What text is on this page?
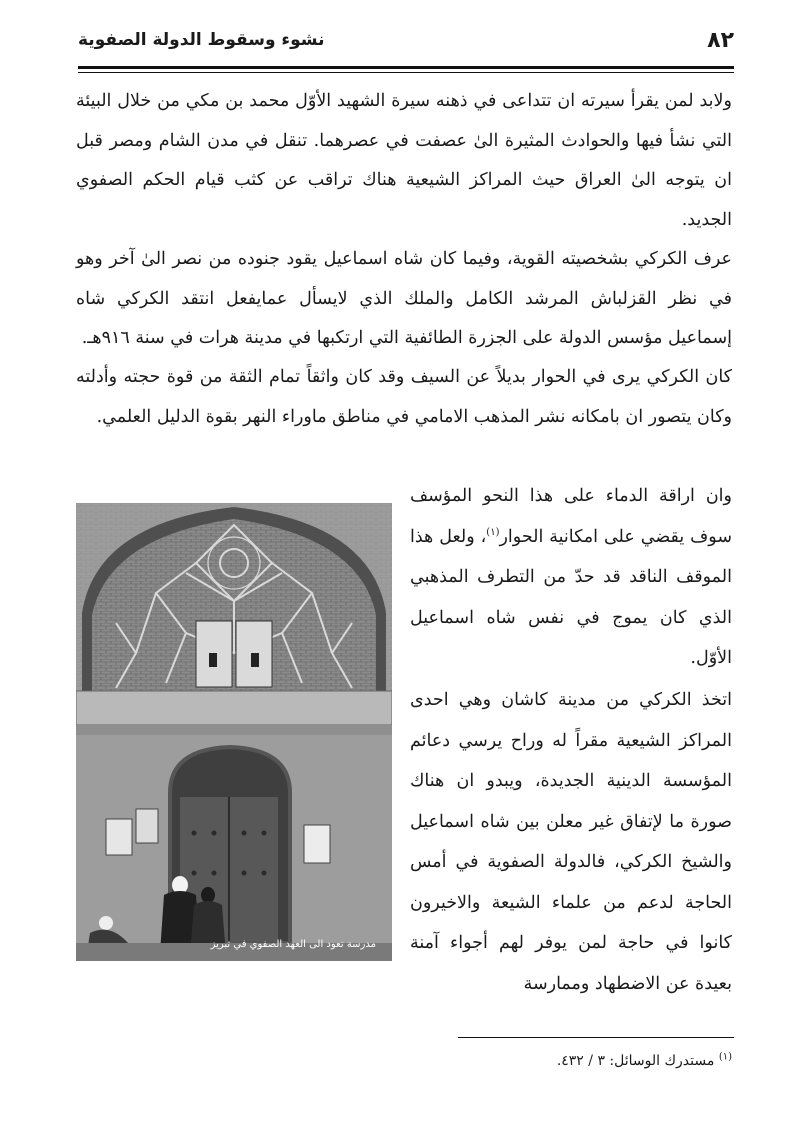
٨٢
نشوء وسقوط الدولة الصفوية

ولابد لمن يقرأ سيرته ان تتداعى في ذهنه سيرة الشهيد الأوّل محمد بن مكي من خلال البيئة التي نشأ فيها والحوادث المثيرة الىٰ عصفت في عصرهما. تنقل في مدن الشام ومصر قبل ان يتوجه الىٰ العراق حيث المراكز الشيعية هناك تراقب عن كثب قيام الحكم الصفوي الجديد.

عرف الكركي بشخصيته القوية، وفيما كان شاه اسماعيل يقود جنوده من نصر الىٰ آخر وهو في نظر القزلباش المرشد الكامل والملك الذي لايسأل عمايفعل انتقد الكركي شاه إسماعيل مؤسس الدولة على الجزرة الطائفية التي ارتكبها في مدينة هرات في سنة ٩١٦هـ.

كان الكركي يرى في الحوار بديلاً عن السيف وقد كان واثقاً تمام الثقة من قوة حجته وأدلته وكان يتصور ان بامكانه نشر المذهب الامامي في مناطق ماوراء النهر بقوة الدليل العلمي.

وان اراقة الدماء على هذا النحو المؤسف سوف يقضي على امكانية الحوار$^{(١)}$، ولعل هذا الموقف الناقد قد حدّ من التطرف المذهبي الذي كان يموج في نفس شاه اسماعيل الأوّل.

اتخذ الكركي من مدينة كاشان وهي احدى المراكز الشيعية مقراً له وراح يرسي دعائم المؤسسة الدينية الجديدة، ويبدو ان هناك صورة ما لإتفاق غير معلن بين شاه اسماعيل والشيخ الكركي، فالدولة الصفوية في أمس الحاجة لدعم من علماء الشيعة والاخيرون كانوا في حاجة لمن يوفر لهم أجواء آمنة بعيدة عن الاضطهاد وممارسة

مدرسة تعود الى العهد الصفوي في تبريز
$^{(١)}$ مستدرك الوسائل: ٣ / ٤٣٢.
